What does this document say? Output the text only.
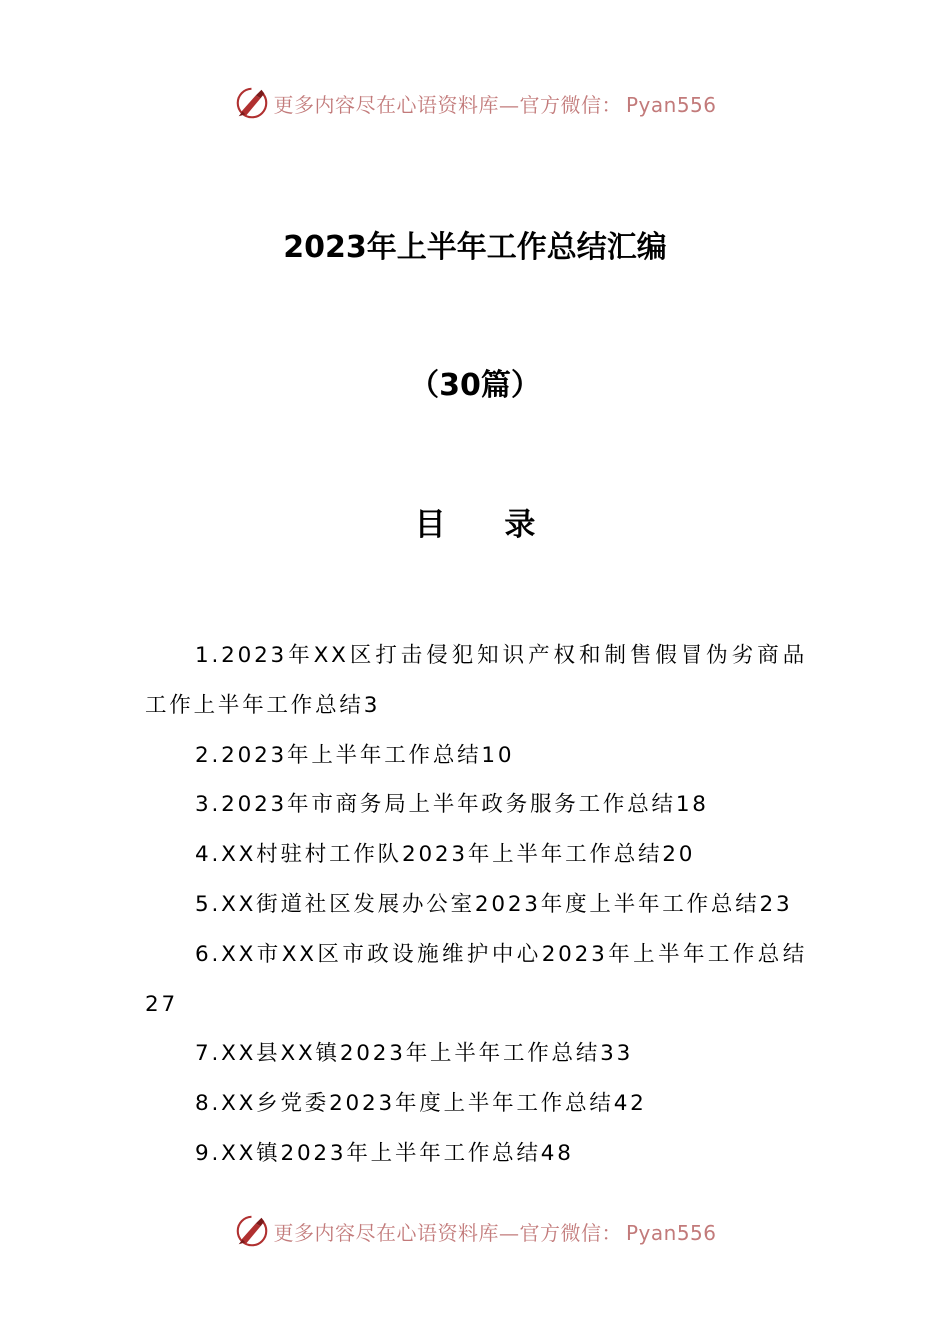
更多内容尽在心语资料库—官方微信： Pyan556
2023年上半年工作总结汇编
（30篇）
目 录
1.2023年XX区打击侵犯知识产权和制售假冒伪劣商品工作上半年工作总结3
2.2023年上半年工作总结10
3.2023年市商务局上半年政务服务工作总结18
4.XX村驻村工作队2023年上半年工作总结20
5.XX街道社区发展办公室2023年度上半年工作总结23
6.XX市XX区市政设施维护中心2023年上半年工作总结27
7.XX县XX镇2023年上半年工作总结33
8.XX乡党委2023年度上半年工作总结42
9.XX镇2023年上半年工作总结48
更多内容尽在心语资料库—官方微信： Pyan556
